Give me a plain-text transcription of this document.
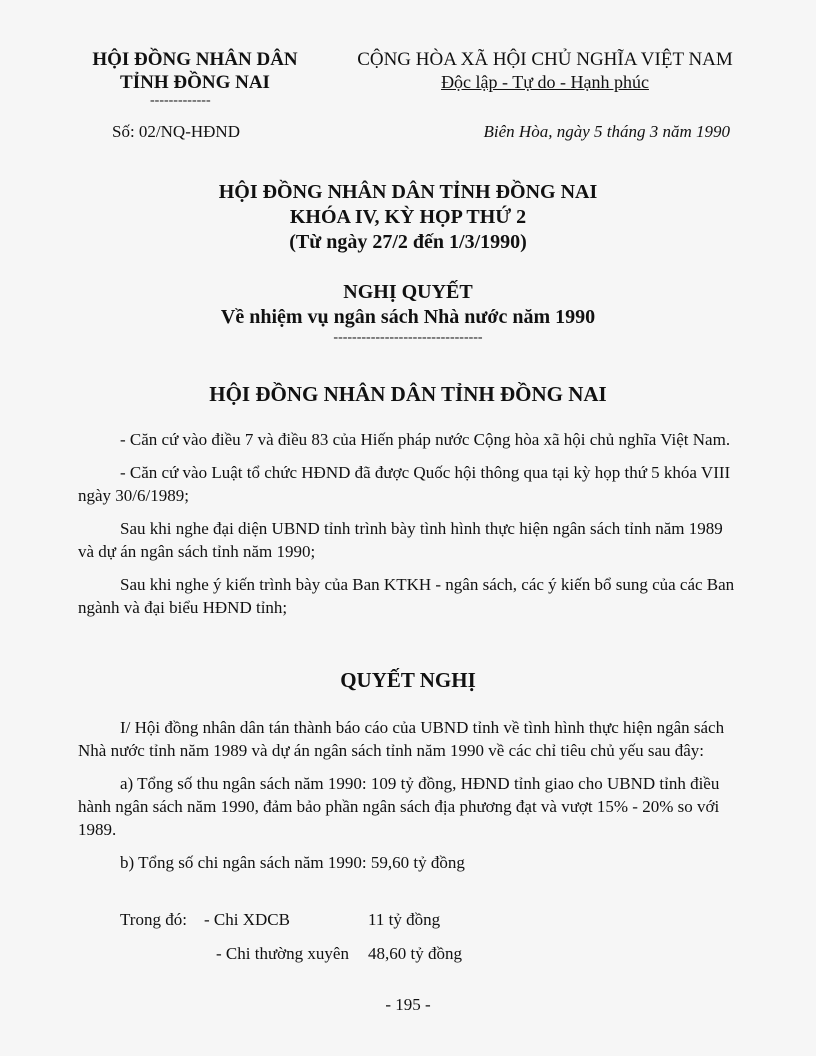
HỘI ĐỒNG NHÂN DÂN
TỈNH ĐỒNG NAI
-------------
CỘNG HÒA XÃ HỘI CHỦ NGHĨA VIỆT NAM
Độc lập - Tự do - Hạnh phúc
Số: 02/NQ-HĐND	Biên Hòa, ngày 5 tháng 3 năm 1990
HỘI ĐỒNG NHÂN DÂN TỈNH ĐỒNG NAI
KHÓA IV, KỲ HỌP THỨ 2
(Từ ngày 27/2 đến 1/3/1990)
NGHỊ QUYẾT
Về nhiệm vụ ngân sách Nhà nước năm 1990
--------------------------------
HỘI ĐỒNG NHÂN DÂN TỈNH ĐỒNG NAI

- Căn cứ vào điều 7 và điều 83 của Hiến pháp nước Cộng hòa xã hội chủ nghĩa Việt Nam.

- Căn cứ vào Luật tổ chức HĐND đã được Quốc hội thông qua tại kỳ họp thứ 5 khóa VIII ngày 30/6/1989;

Sau khi nghe đại diện UBND tỉnh trình bày tình hình thực hiện ngân sách tỉnh năm 1989 và dự án ngân sách tỉnh năm 1990;

Sau khi nghe ý kiến trình bày của Ban KTKH - ngân sách, các ý kiến bổ sung của các Ban ngành và đại biểu HĐND tỉnh;

QUYẾT NGHỊ

I/ Hội đồng nhân dân tán thành báo cáo của UBND tỉnh về tình hình thực hiện ngân sách Nhà nước tỉnh năm 1989 và dự án ngân sách tỉnh năm 1990 về các chỉ tiêu chủ yếu sau đây:

a) Tổng số thu ngân sách năm 1990: 109 tỷ đồng, HĐND tỉnh giao cho UBND tỉnh điều hành ngân sách năm 1990, đảm bảo phần ngân sách địa phương đạt và vượt 15% - 20% so với 1989.

b) Tổng số chi ngân sách năm 1990: 59,60 tỷ đồng

Trong đó: - Chi XDCB	11 tỷ đồng
- Chi thường xuyên 48,60 tỷ đồng
- 195 -
